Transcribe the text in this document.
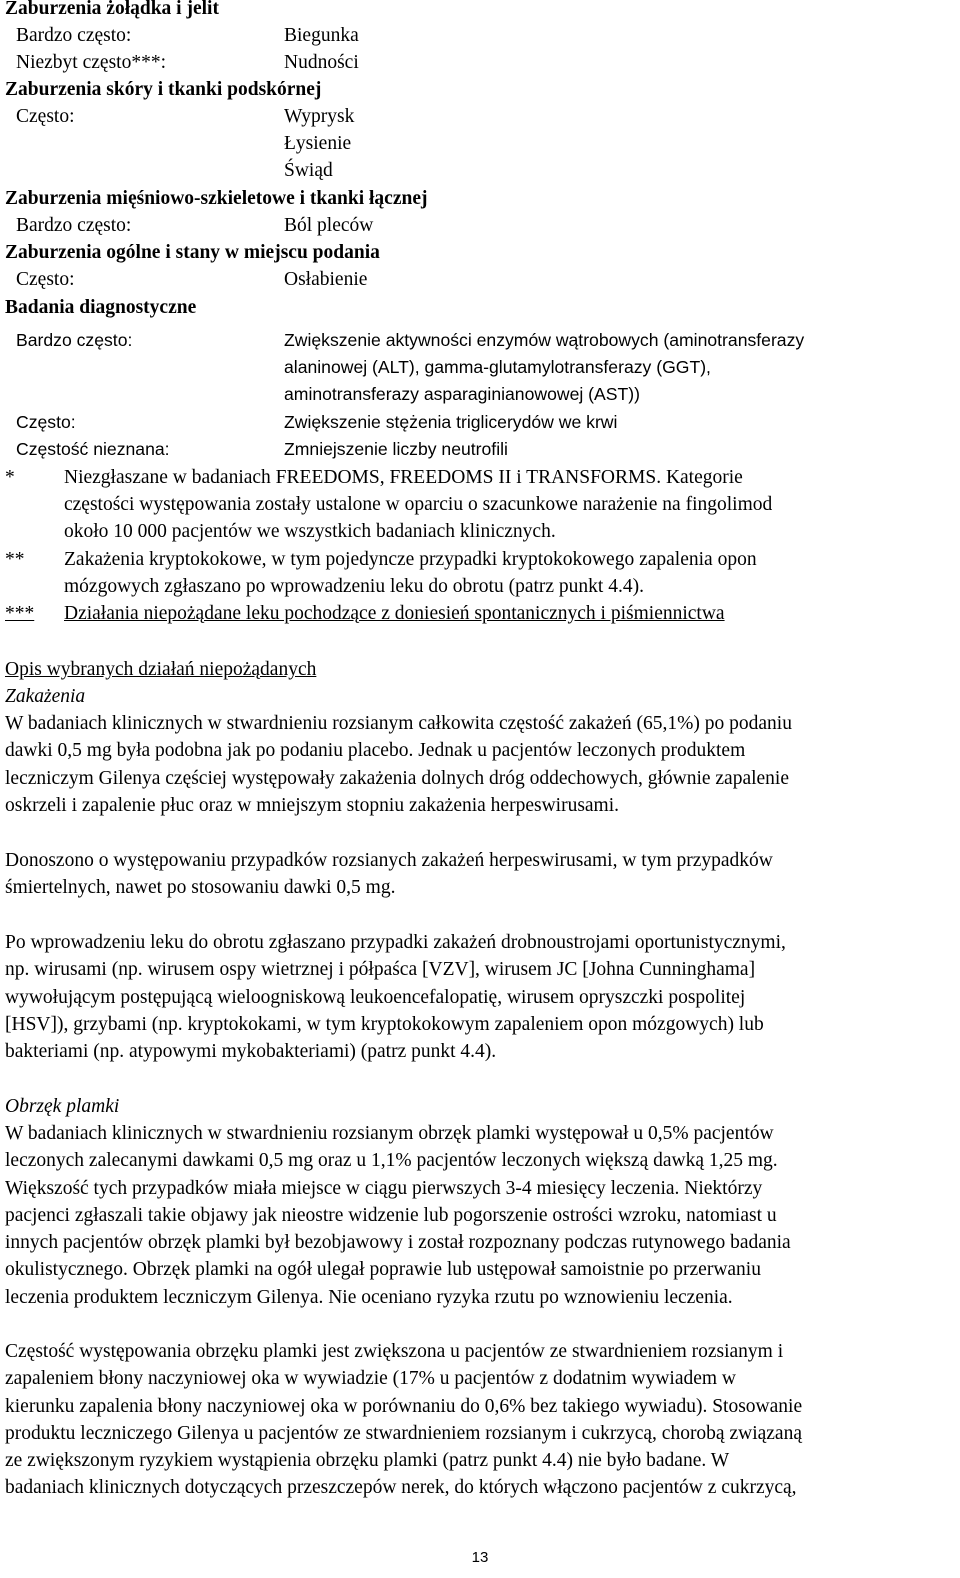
Zaburzenia żołądka i jelit
Bardzo często:	Biegunka
Niezbyt często***:	Nudności
Zaburzenia skóry i tkanki podskórnej
Często:	Wyprysk
Łysienie
Świąd
Zaburzenia mięśniowo-szkieletowe i tkanki łącznej
Bardzo często:	Ból pleców
Zaburzenia ogólne i stany w miejscu podania
Często:	Osłabienie
Badania diagnostyczne
Bardzo często:	Zwiększenie aktywności enzymów wątrobowych (aminotransferazy
alaninowej (ALT), gamma-glutamylotransferazy (GGT),
aminotransferazy asparaginianowowej (AST))
Często:	Zwiększenie stężenia triglicerydów we krwi
Częstość nieznana:	Zmniejszenie liczby neutrofili
*	Niezgłaszane w badaniach FREEDOMS, FREEDOMS II i TRANSFORMS. Kategorie
częstości występowania zostały ustalone w oparciu o szacunkowe narażenie na fingolimod
około 10 000 pacjentów we wszystkich badaniach klinicznych.
** Zakażenia kryptokokowe, w tym pojedyncze przypadki kryptokokowego zapalenia opon
mózgowych zgłaszano po wprowadzeniu leku do obrotu (patrz punkt 4.4).
***	Działania niepożądane leku pochodzące z doniesień spontanicznych i piśmiennictwa
Opis wybranych działań niepożądanych
Zakażenia
W badaniach klinicznych w stwardnieniu rozsianym całkowita częstość zakażeń (65,1%) po podaniu
dawki 0,5 mg była podobna jak po podaniu placebo. Jednak u pacjentów leczonych produktem
leczniczym Gilenya częściej występowały zakażenia dolnych dróg oddechowych, głównie zapalenie
oskrzeli i zapalenie płuc oraz w mniejszym stopniu zakażenia herpeswirusami.
Donoszono o występowaniu przypadków rozsianych zakażeń herpeswirusami, w tym przypadków
śmiertelnych, nawet po stosowaniu dawki 0,5 mg.
Po wprowadzeniu leku do obrotu zgłaszano przypadki zakażeń drobnoustrojami oportunistycznymi,
np. wirusami (np. wirusem ospy wietrznej i półpaśca [VZV], wirusem JC [Johna Cunninghama]
wywołującym postępującą wieloogniskową leukoencefalopatię, wirusem opryszczki pospolitej
[HSV]), grzybami (np. kryptokokami, w tym kryptokokowym zapaleniem opon mózgowych) lub
bakteriami (np. atypowymi mykobakteriami) (patrz punkt 4.4).
Obrzęk plamki
W badaniach klinicznych w stwardnieniu rozsianym obrzęk plamki występował u 0,5% pacjentów
leczonych zalecanymi dawkami 0,5 mg oraz u 1,1% pacjentów leczonych większą dawką 1,25 mg.
Większość tych przypadków miała miejsce w ciągu pierwszych 3-4 miesięcy leczenia. Niektórzy
pacjenci zgłaszali takie objawy jak nieostre widzenie lub pogorszenie ostrości wzroku, natomiast u
innych pacjentów obrzęk plamki był bezobjawowy i został rozpoznany podczas rutynowego badania
okulistycznego. Obrzęk plamki na ogół ulegał poprawie lub ustępował samoistnie po przerwaniu
leczenia produktem leczniczym Gilenya. Nie oceniano ryzyka rzutu po wznowieniu leczenia.
Częstość występowania obrzęku plamki jest zwiększona u pacjentów ze stwardnieniem rozsianym i
zapaleniem błony naczyniowej oka w wywiadzie (17% u pacjentów z dodatnim wywiadem w
kierunku zapalenia błony naczyniowej oka w porównaniu do 0,6% bez takiego wywiadu). Stosowanie
produktu leczniczego Gilenya u pacjentów ze stwardnieniem rozsianym i cukrzycą, chorobą związaną
ze zwiększonym ryzykiem wystąpienia obrzęku plamki (patrz punkt 4.4) nie było badane. W
badaniach klinicznych dotyczących przeszczepów nerek, do których włączono pacjentów z cukrzycą,
13
